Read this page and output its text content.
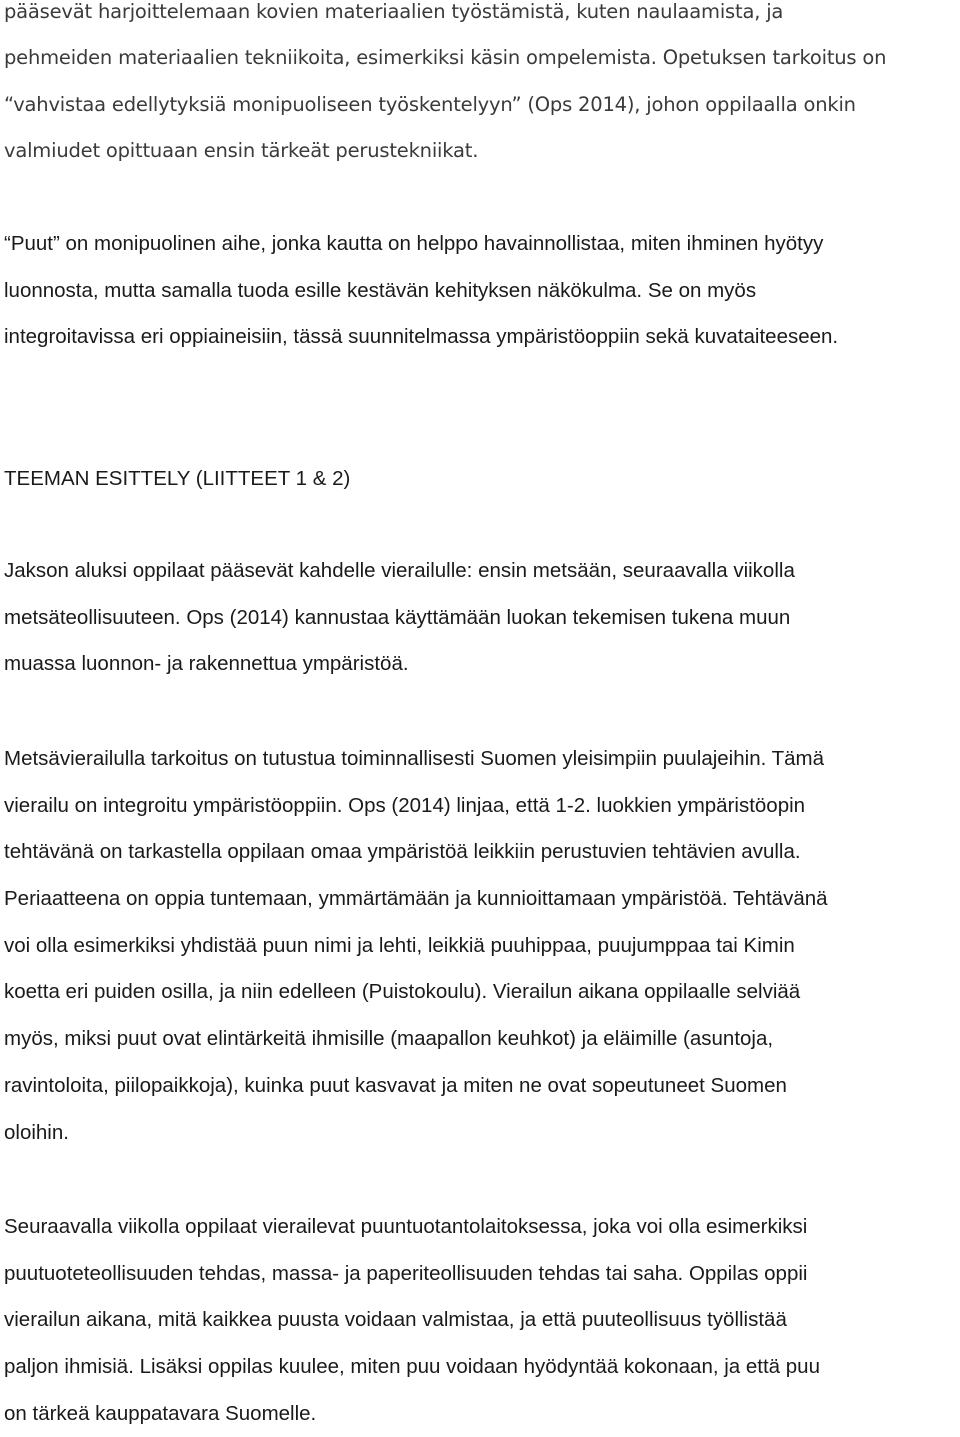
pääsevät harjoittelemaan kovien materiaalien työstämistä, kuten naulaamista, ja
pehmeiden materiaalien tekniikoita, esimerkiksi käsin ompelemista. Opetuksen tarkoitus on
“vahvistaa edellytyksiä monipuoliseen työskentelyyn” (Ops 2014), johon oppilaalla onkin
valmiudet opittuaan ensin tärkeät perustekniikat.
“Puut” on monipuolinen aihe, jonka kautta on helppo havainnollistaa, miten ihminen hyötyy
luonnosta, mutta samalla tuoda esille kestävän kehityksen näkökulma. Se on myös
integroitavissa eri oppiaineisiin, tässä suunnitelmassa ympäristöoppiin sekä kuvataiteeseen.
TEEMAN ESITTELY (LIITTEET 1 & 2)
Jakson aluksi oppilaat pääsevät kahdelle vierailulle: ensin metsään, seuraavalla viikolla
metsäteollisuuteen. Ops (2014) kannustaa käyttämään luokan tekemisen tukena muun
muassa luonnon- ja rakennettua ympäristöä.
Metsävierailulla tarkoitus on tutustua toiminnallisesti Suomen yleisimpiin puulajeihin. Tämä
vierailu on integroitu ympäristöoppiin. Ops (2014) linjaa, että 1-2. luokkien ympäristöopin
tehtävänä on tarkastella oppilaan omaa ympäristöä leikkiin perustuvien tehtävien avulla.
Periaatteena on oppia tuntemaan, ymmärtämään ja kunnioittamaan ympäristöä. Tehtävänä
voi olla esimerkiksi yhdistää puun nimi ja lehti, leikkiä puuhippaa, puujumppaa tai Kimin
koetta eri puiden osilla, ja niin edelleen (Puistokoulu). Vierailun aikana oppilaalle selviää
myös, miksi puut ovat elintärkeitä ihmisille (maapallon keuhkot) ja eläimille (asuntoja,
ravintoloita, piilopaikkoja), kuinka puut kasvavat ja miten ne ovat sopeutuneet Suomen
oloihin.
Seuraavalla viikolla oppilaat vierailevat puuntuotantolaitoksessa, joka voi olla esimerkiksi
puutuoteteollisuuden tehdas, massa- ja paperiteollisuuden tehdas tai saha. Oppilas oppii
vierailun aikana, mitä kaikkea puusta voidaan valmistaa, ja että puuteollisuus työllistää
paljon ihmisiä. Lisäksi oppilas kuulee, miten puu voidaan hyödyntää kokonaan, ja että puu
on tärkeä kauppatavara Suomelle.
